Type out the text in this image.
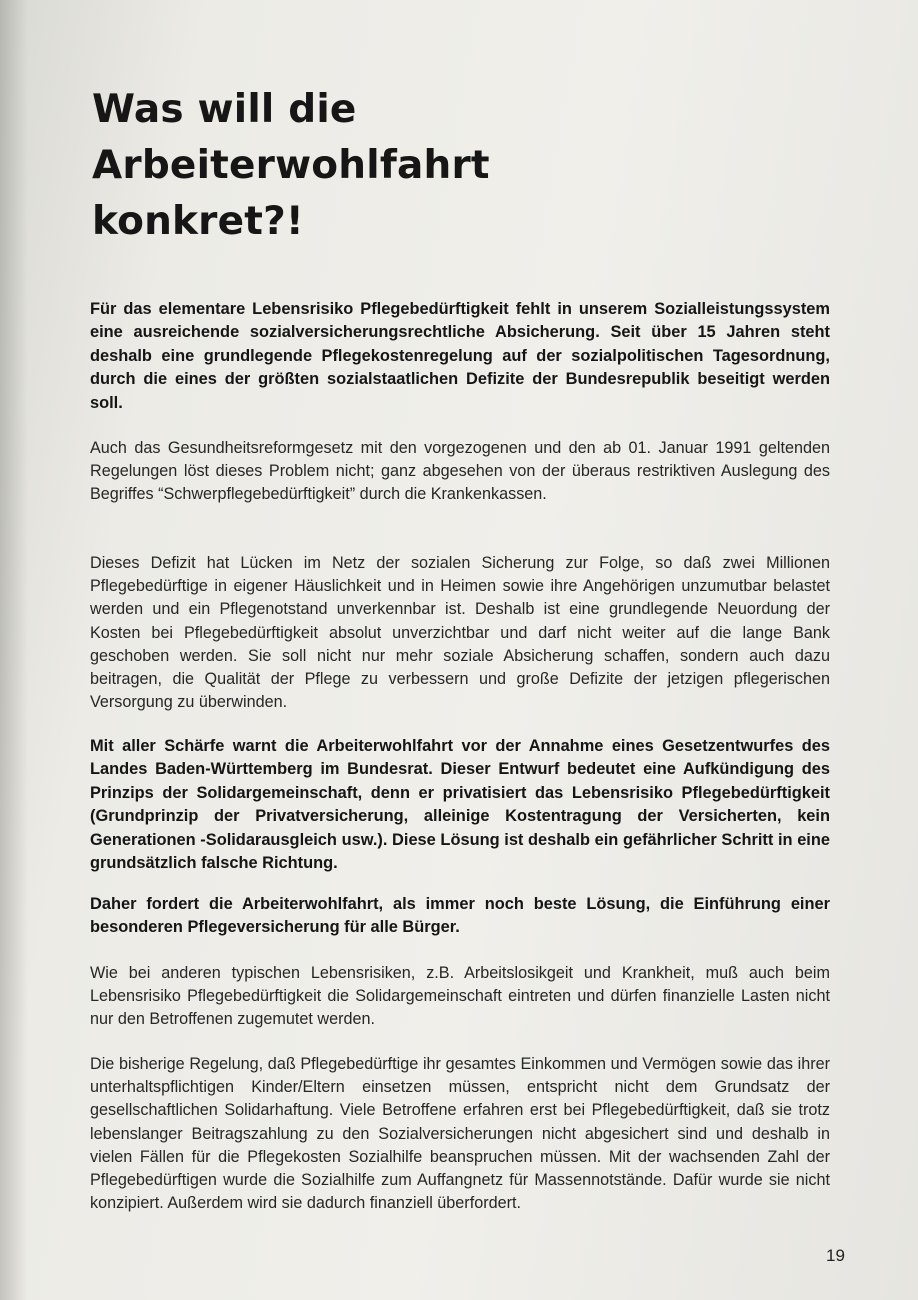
Was will die
Arbeiterwohlfahrt
konkret?!

Für das elementare Lebensrisiko Pflegebedürftigkeit fehlt in unserem Sozialleistungssystem eine ausreichende sozialversicherungsrechtliche Absicherung. Seit über 15 Jahren steht deshalb eine grundlegende Pflegekostenregelung auf der sozialpolitischen Tagesordnung, durch die eines der größten sozialstaatlichen Defizite der Bundesrepublik beseitigt werden soll.

Auch das Gesundheitsreformgesetz mit den vorgezogenen und den ab 01. Januar 1991 geltenden Regelungen löst dieses Problem nicht; ganz abgesehen von der überaus restriktiven Auslegung des Begriffes “Schwerpflegebedürftigkeit” durch die Krankenkassen.

Dieses Defizit hat Lücken im Netz der sozialen Sicherung zur Folge, so daß zwei Millionen Pflegebedürftige in eigener Häuslichkeit und in Heimen sowie ihre Angehörigen unzumutbar belastet werden und ein Pflegenotstand unverkennbar ist. Deshalb ist eine grundlegende Neuordung der Kosten bei Pflegebedürftigkeit absolut unverzichtbar und darf nicht weiter auf die lange Bank geschoben werden. Sie soll nicht nur mehr soziale Absicherung schaffen, sondern auch dazu beitragen, die Qualität der Pflege zu verbessern und große Defizite der jetzigen pflegerischen Versorgung zu überwinden.

Mit aller Schärfe warnt die Arbeiterwohlfahrt vor der Annahme eines Gesetzentwurfes des Landes Baden-Württemberg im Bundesrat. Dieser Entwurf bedeutet eine Aufkündigung des Prinzips der Solidargemeinschaft, denn er privatisiert das Lebensrisiko Pflegebedürftigkeit (Grundprinzip der Privatversicherung, alleinige Kostentragung der Versicherten, kein Generationen -Solidarausgleich usw.). Diese Lösung ist deshalb ein gefährlicher Schritt in eine grundsätzlich falsche Richtung.

Daher fordert die Arbeiterwohlfahrt, als immer noch beste Lösung, die Einführung einer besonderen Pflegeversicherung für alle Bürger.

Wie bei anderen typischen Lebensrisiken, z.B. Arbeitslosikgeit und Krankheit, muß auch beim Lebensrisiko Pflegebedürftigkeit die Solidargemeinschaft eintreten und dürfen finanzielle Lasten nicht nur den Betroffenen zugemutet werden.

Die bisherige Regelung, daß Pflegebedürftige ihr gesamtes Einkommen und Vermögen sowie das ihrer unterhaltspflichtigen Kinder/Eltern einsetzen müssen, entspricht nicht dem Grundsatz der gesellschaftlichen Solidarhaftung. Viele Betroffene erfahren erst bei Pflegebedürftigkeit, daß sie trotz lebenslanger Beitragszahlung zu den Sozialversicherungen nicht abgesichert sind und deshalb in vielen Fällen für die Pflegekosten Sozialhilfe beanspruchen müssen. Mit der wachsenden Zahl der Pflegebedürftigen wurde die Sozialhilfe zum Auffangnetz für Massennotstände. Dafür wurde sie nicht konzipiert. Außerdem wird sie dadurch finanziell überfordert.

19
